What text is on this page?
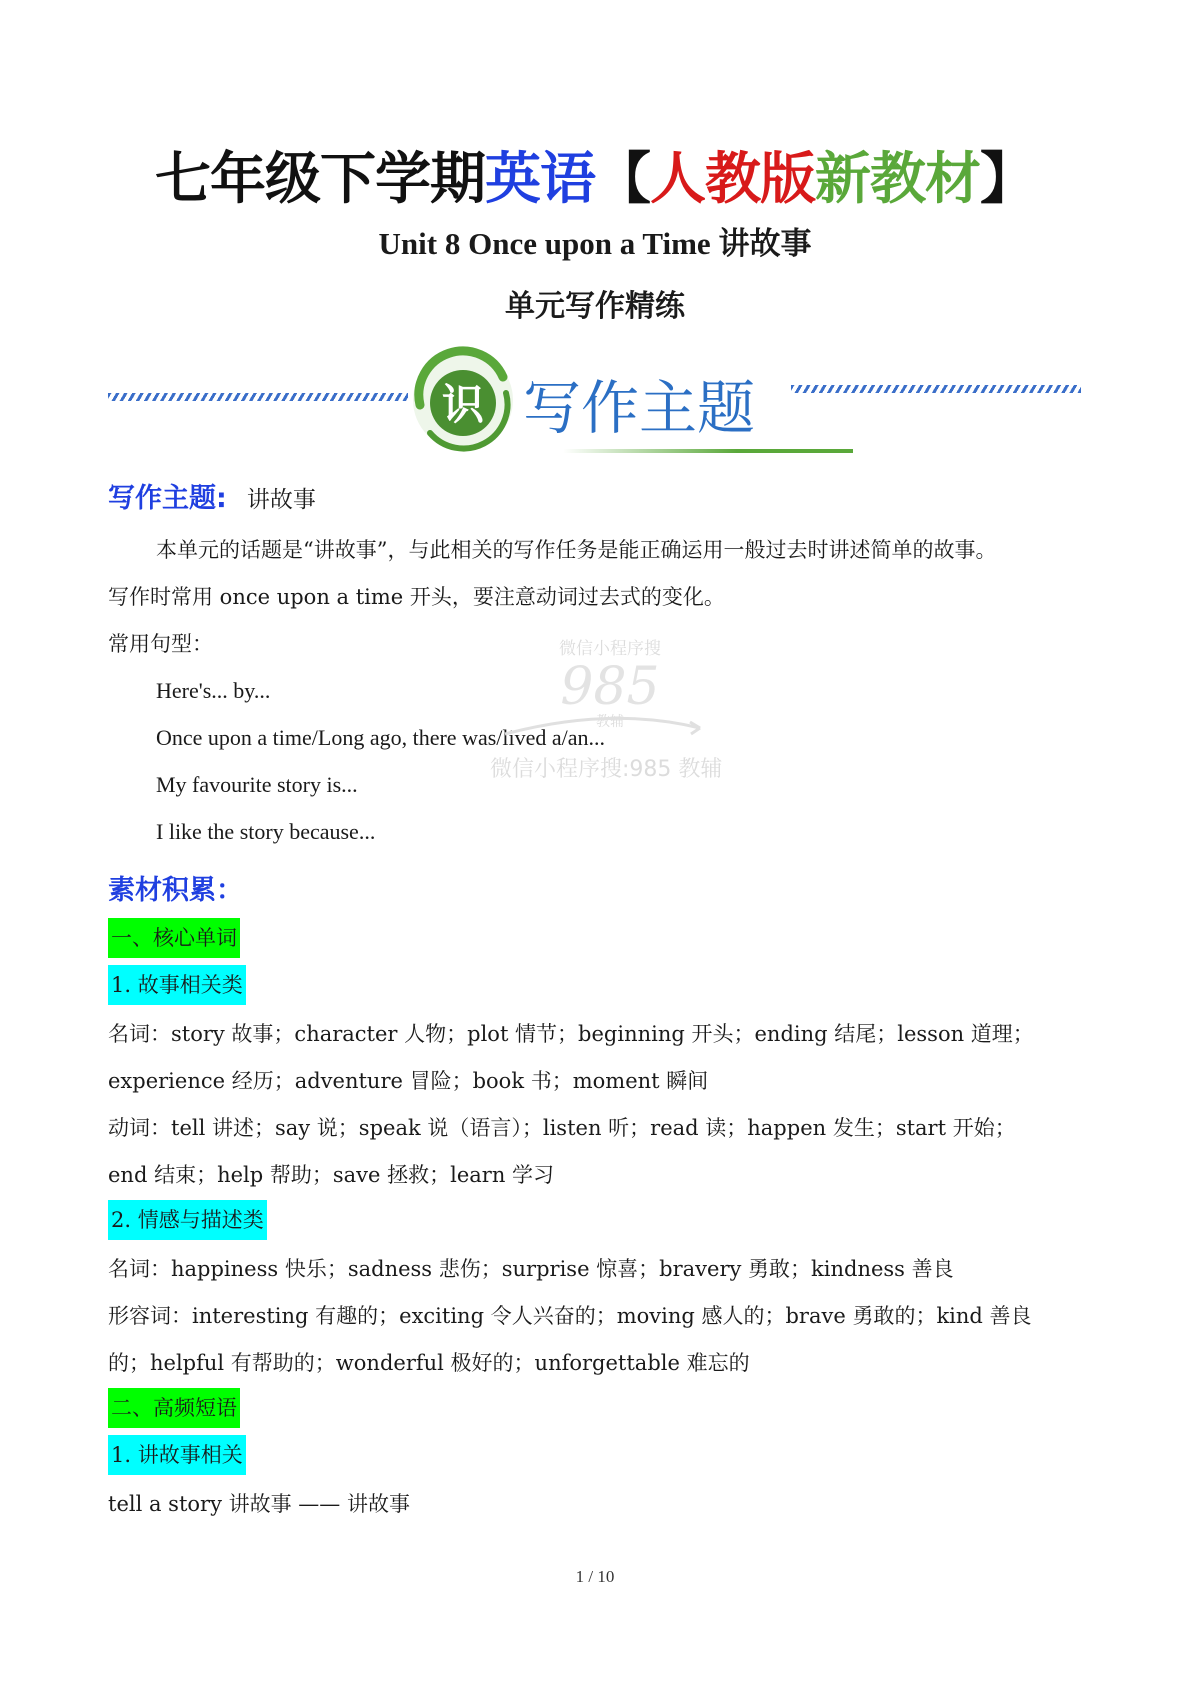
七年级下学期英语【人教版新教材】
Unit 8 Once upon a Time 讲故事
单元写作精练
识 写作主题
写作主题: 讲故事
本单元的话题是“讲故事”，与此相关的写作任务是能正确运用一般过去时讲述简单的故事。
写作时常用 once upon a time 开头，要注意动词过去式的变化。
常用句型：
Here's... by...
Once upon a time/Long ago, there was/lived a/an...
My favourite story is...
I like the story because...
微信小程序搜
985
教辅
微信小程序搜:985 教辅
素材积累：
一、核心单词
1. 故事相关类
名词：story 故事；character 人物；plot 情节；beginning 开头；ending 结尾；lesson 道理；
experience 经历；adventure 冒险；book 书；moment 瞬间
动词：tell 讲述；say 说；speak 说（语言）；listen 听；read 读；happen 发生；start 开始；
end 结束；help 帮助；save 拯救；learn 学习
2. 情感与描述类
名词：happiness 快乐；sadness 悲伤；surprise 惊喜；bravery 勇敢；kindness 善良
形容词：interesting 有趣的；exciting 令人兴奋的；moving 感人的；brave 勇敢的；kind 善良
的；helpful 有帮助的；wonderful 极好的；unforgettable 难忘的
二、高频短语
1. 讲故事相关
tell a story 讲故事 —— 讲故事
1 / 10
